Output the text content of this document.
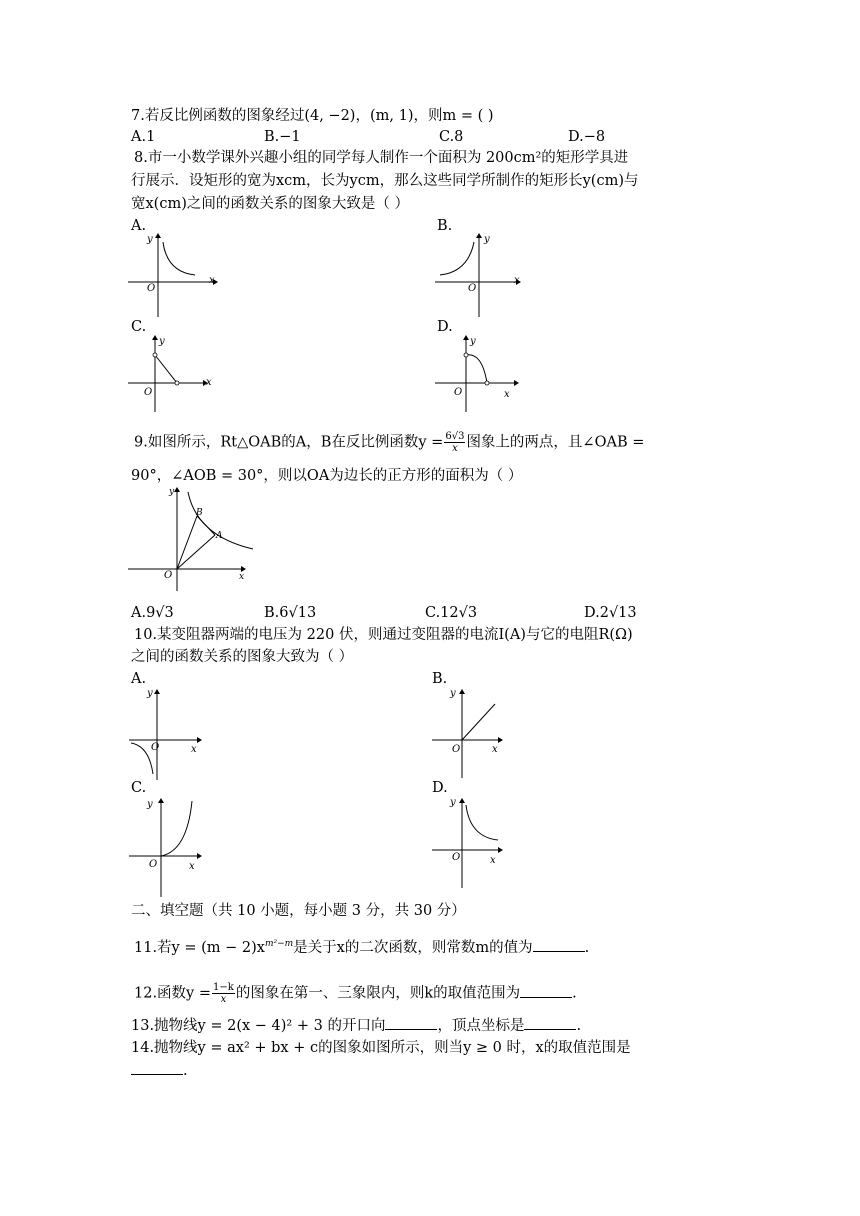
7.若反比例函数的图象经过(4, −2)，(m, 1)，则m = ( )
A.1	B.−1	C.8	D.−8
8.市一小数学课外兴趣小组的同学每人制作一个面积为 200cm²的矩形学具进
行展示．设矩形的宽为xcm，长为ycm，那么这些同学所制作的矩形长y(cm)与
宽x(cm)之间的函数关系的图象大致是（ ）
A.	B.
y
x
O
y
x
O
C.	D.
y
x
O
y
x
O
9.如图所示，Rt△OAB的A，B在反比例函数$y = \frac{6√3}{x}$ 图象上的两点，且∠OAB =
90°，∠AOB = 30°，则以OA为边长的正方形的面积为（ ）
y
x
O
B
A
A.9√3	B.6√13	C.12√3	D.2√13
10.某变阻器两端的电压为 220 伏，则通过变阻器的电流I(A)与它的电阻R(Ω)
之间的函数关系的图象大致为（ ）
A.	B.
y
x
O
y
x
O
C.	D.
y
x
O
y
x
O
二、填空题（共 10 小题，每小题 3 分，共 30 分）
11.若$y = (m - 2)x^{m^2-m}$是关于x的二次函数，则常数m的值为	.
12.函数$y = \frac{1-k}{x}$ 的图象在第一、三象限内，则k的取值范围为	.
13.抛物线y = 2(x − 4)² + 3 的开口向	，顶点坐标是	.
14.抛物线y = ax² + bx + c的图象如图所示，则当y ≥ 0 时，x的取值范围是
.
